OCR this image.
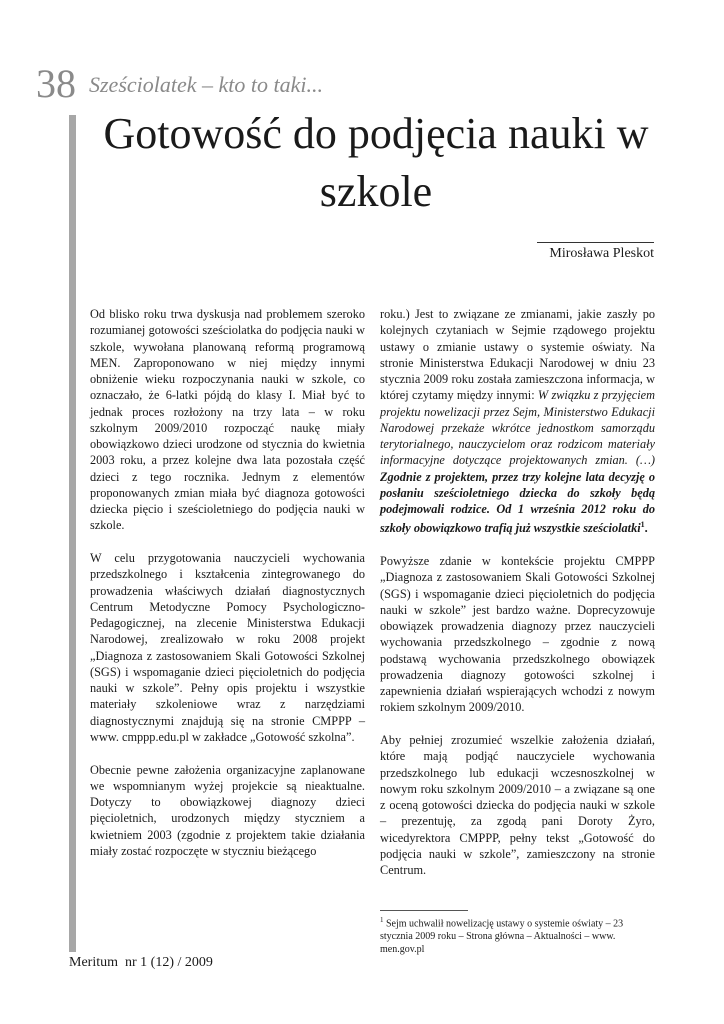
38 Sześciolatek – kto to taki...
Gotowość do podjęcia nauki w szkole
Mirosława Pleskot

Od blisko roku trwa dyskusja nad problemem szeroko rozumianej gotowości sześciolatka do podjęcia nauki w szkole, wywołana planowaną reformą programową MEN. Zaproponowano w niej między innymi obniżenie wieku rozpoczynania nauki w szkole, co oznaczało, że 6-latki pójdą do klasy I. Miał być to jednak proces rozłożony na trzy lata – w roku szkolnym 2009/2010 rozpocząć naukę miały obowiązkowo dzieci urodzone od stycznia do kwietnia 2003 roku, a przez kolejne dwa lata pozostała część dzieci z tego rocznika. Jednym z elementów proponowanych zmian miała być diagnoza gotowości dziecka pięcio i sześcioletniego do podjęcia nauki w szkole.

W celu przygotowania nauczycieli wychowania przedszkolnego i kształcenia zintegrowanego do prowadzenia właściwych działań diagnostycznych Centrum Metodyczne Pomocy Psychologiczno-Pedagogicznej, na zlecenie Ministerstwa Edukacji Narodowej, zrealizowało w roku 2008 projekt „Diagnoza z zastosowaniem Skali Gotowości Szkolnej (SGS) i wspomaganie dzieci pięcioletnich do podjęcia nauki w szkole”. Pełny opis projektu i wszystkie materiały szkoleniowe wraz z narzędziami diagnostycznymi znajdują się na stronie CMPPP – www. cmppp.edu.pl w zakładce „Gotowość szkolna”.

Obecnie pewne założenia organizacyjne zaplanowane we wspomnianym wyżej projekcie są nieaktualne. Dotyczy to obowiązkowej diagnozy dzieci pięcioletnich, urodzonych między styczniem a kwietniem 2003 (zgodnie z projektem takie działania miały zostać rozpoczęte w styczniu bieżącego

roku.) Jest to związane ze zmianami, jakie zaszły po kolejnych czytaniach w Sejmie rządowego projektu ustawy o zmianie ustawy o systemie oświaty. Na stronie Ministerstwa Edukacji Narodowej w dniu 23 stycznia 2009 roku została zamieszczona informacja, w której czytamy między innymi: W związku z przyjęciem projektu nowelizacji przez Sejm, Ministerstwo Edukacji Narodowej przekaże wkrótce jednostkom samorządu terytorialnego, nauczycielom oraz rodzicom materiały informacyjne dotyczące projektowanych zmian. (…) Zgodnie z projektem, przez trzy kolejne lata decyzję o posłaniu sześcioletniego dziecka do szkoły będą podejmowali rodzice. Od 1 września 2012 roku do szkoły obowiązkowo trafią już wszystkie sześciolatki$^1$.

Powyższe zdanie w kontekście projektu CMPPP „Diagnoza z zastosowaniem Skali Gotowości Szkolnej (SGS) i wspomaganie dzieci pięcioletnich do podjęcia nauki w szkole” jest bardzo ważne. Doprecyzowuje obowiązek prowadzenia diagnozy przez nauczycieli wychowania przedszkolnego – zgodnie z nową podstawą wychowania przedszkolnego obowiązek prowadzenia diagnozy gotowości szkolnej i zapewnienia działań wspierających wchodzi z nowym rokiem szkolnym 2009/2010.

Aby pełniej zrozumieć wszelkie założenia działań, które mają podjąć nauczyciele wychowania przedszkolnego lub edukacji wczesnoszkolnej w nowym roku szkolnym 2009/2010 – a związane są one z oceną gotowości dziecka do podjęcia nauki w szkole – prezentuję, za zgodą pani Doroty Żyro, wicedyrektora CMPPP, pełny tekst „Gotowość do podjęcia nauki w szkole”, zamieszczony na stronie Centrum.

$^1$ Sejm uchwalił nowelizację ustawy o systemie oświaty – 23 stycznia 2009 roku – Strona główna – Aktualności – www. men.gov.pl
Meritum  nr 1 (12) / 2009
